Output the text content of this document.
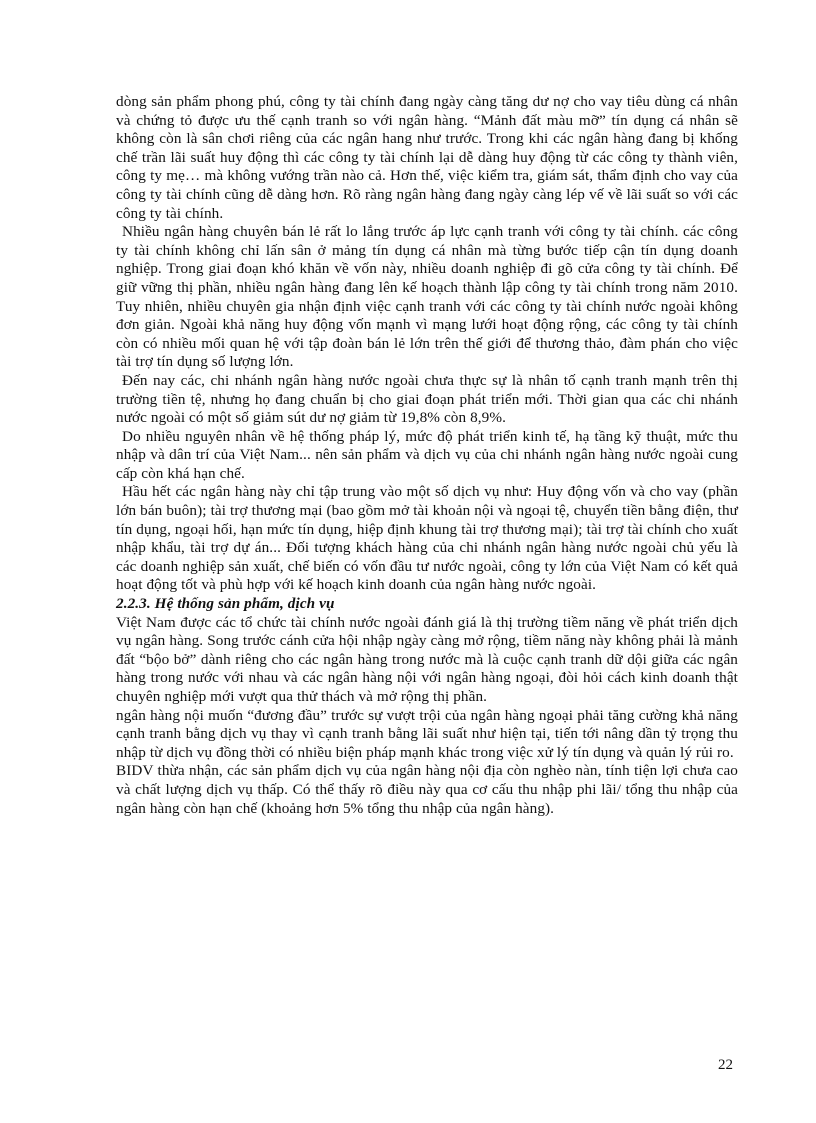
dòng sản phẩm phong phú, công ty tài chính đang ngày càng tăng dư nợ cho vay tiêu dùng cá nhân và chứng tỏ được ưu thế cạnh tranh so với ngân hàng. “Mảnh đất màu mỡ” tín dụng cá nhân sẽ không còn là sân chơi riêng của các ngân hang như trước. Trong khi các ngân hàng đang bị khống chế trần lãi suất huy động thì các công ty tài chính lại dễ dàng huy động từ các công ty thành viên, công ty mẹ… mà không vướng trần nào cả. Hơn thế, việc kiểm tra, giám sát, thẩm định cho vay của công ty tài chính cũng dễ dàng hơn. Rõ ràng ngân hàng đang ngày càng lép vế về lãi suất so với các công ty tài chính.

Nhiều ngân hàng chuyên bán lẻ rất lo lắng trước áp lực cạnh tranh với công ty tài chính. các công ty tài chính không chỉ lấn sân ở mảng tín dụng cá nhân mà từng bước tiếp cận tín dụng doanh nghiệp. Trong giai đoạn khó khăn về vốn này, nhiều doanh nghiệp đi gõ cửa công ty tài chính. Để giữ vững thị phần, nhiều ngân hàng đang lên kế hoạch thành lập công ty tài chính trong năm 2010. Tuy nhiên, nhiều chuyên gia nhận định việc cạnh tranh với các công ty tài chính nước ngoài không đơn giản. Ngoài khả năng huy động vốn mạnh vì mạng lưới hoạt động rộng, các công ty tài chính còn có nhiều mối quan hệ với tập đoàn bán lẻ lớn trên thế giới để thương thảo, đàm phán cho việc tài trợ tín dụng số lượng lớn.

Đến nay các, chi nhánh ngân hàng nước ngoài chưa thực sự là nhân tố cạnh tranh mạnh trên thị trường tiền tệ, nhưng họ đang chuẩn bị cho giai đoạn phát triển mới. Thời gian qua các chi nhánh nước ngoài có một số giảm sút dư nợ giảm từ 19,8% còn 8,9%.

Do nhiều nguyên nhân về hệ thống pháp lý, mức độ phát triển kinh tế, hạ tầng kỹ thuật, mức thu nhập và dân trí của Việt Nam... nên sản phẩm và dịch vụ của chi nhánh ngân hàng nước ngoài cung cấp còn khá hạn chế.

Hầu hết các ngân hàng này chỉ tập trung vào một số dịch vụ như: Huy động vốn và cho vay (phần lớn bán buôn); tài trợ thương mại (bao gồm mở tài khoản nội và ngoại tệ, chuyển tiền bằng điện, thư tín dụng, ngoại hối, hạn mức tín dụng, hiệp định khung tài trợ thương mại); tài trợ tài chính cho xuất nhập khẩu, tài trợ dự án... Đối tượng khách hàng của chi nhánh ngân hàng nước ngoài chủ yếu là các doanh nghiệp sản xuất, chế biến có vốn đầu tư nước ngoài, công ty lớn của Việt Nam có kết quả hoạt động tốt và phù hợp với kế hoạch kinh doanh của ngân hàng nước ngoài.

2.2.3. Hệ thống sản phẩm, dịch vụ

Việt Nam được các tổ chức tài chính nước ngoài đánh giá là thị trường tiềm năng về phát triển dịch vụ ngân hàng. Song trước cánh cửa hội nhập ngày càng mở rộng, tiềm năng này không phải là mảnh đất “bộo bở” dành riêng cho các ngân hàng trong nước mà là cuộc cạnh tranh dữ dội giữa các ngân hàng trong nước với nhau và các ngân hàng nội với ngân hàng ngoại, đòi hỏi cách kinh doanh thật chuyên nghiệp mới vượt qua thử thách và mở rộng thị phần.

ngân hàng nội muốn “đương đầu” trước sự vượt trội của ngân hàng ngoại phải tăng cường khả năng cạnh tranh bằng dịch vụ thay vì cạnh tranh bằng lãi suất như hiện tại, tiến tới nâng dần tỷ trọng thu nhập từ dịch vụ đồng thời có nhiều biện pháp mạnh khác trong việc xử lý tín dụng và quản lý rủi ro.

BIDV thừa nhận, các sản phẩm dịch vụ của ngân hàng nội địa còn nghèo nàn, tính tiện lợi chưa cao và chất lượng dịch vụ thấp. Có thể thấy rõ điều này qua cơ cấu thu nhập phi lãi/ tổng thu nhập của ngân hàng còn hạn chế (khoảng hơn 5% tổng thu nhập của ngân hàng).

22
